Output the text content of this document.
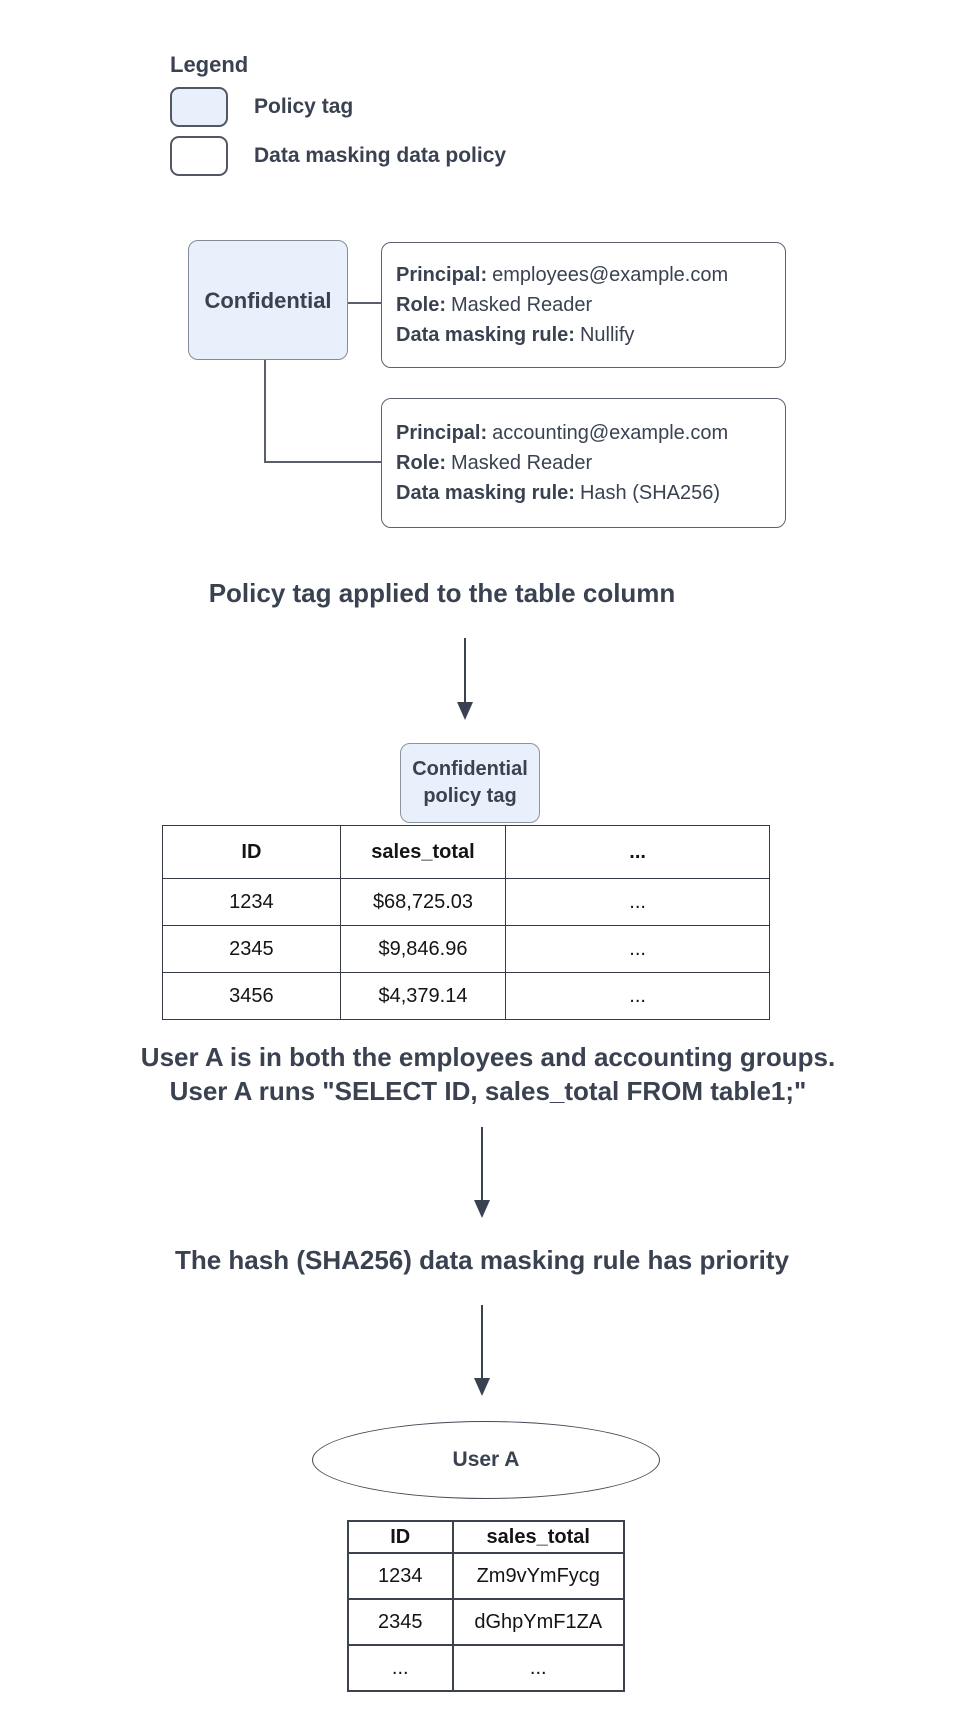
Legend
Policy tag
Data masking data policy
Confidential
Principal: employees@example.com
Role: Masked Reader
Data masking rule: Nullify
Principal: accounting@example.com
Role: Masked Reader
Data masking rule: Hash (SHA256)
Policy tag applied to the table column
Confidential
policy tag
ID	sales_total	...
1234	$68,725.03	...
2345	$9,846.96	...
3456	$4,379.14	...
User A is in both the employees and accounting groups.
User A runs "SELECT ID, sales_total FROM table1;"
The hash (SHA256) data masking rule has priority
User A
ID	sales_total
1234	Zm9vYmFycg
2345	dGhpYmF1ZA
...	...
